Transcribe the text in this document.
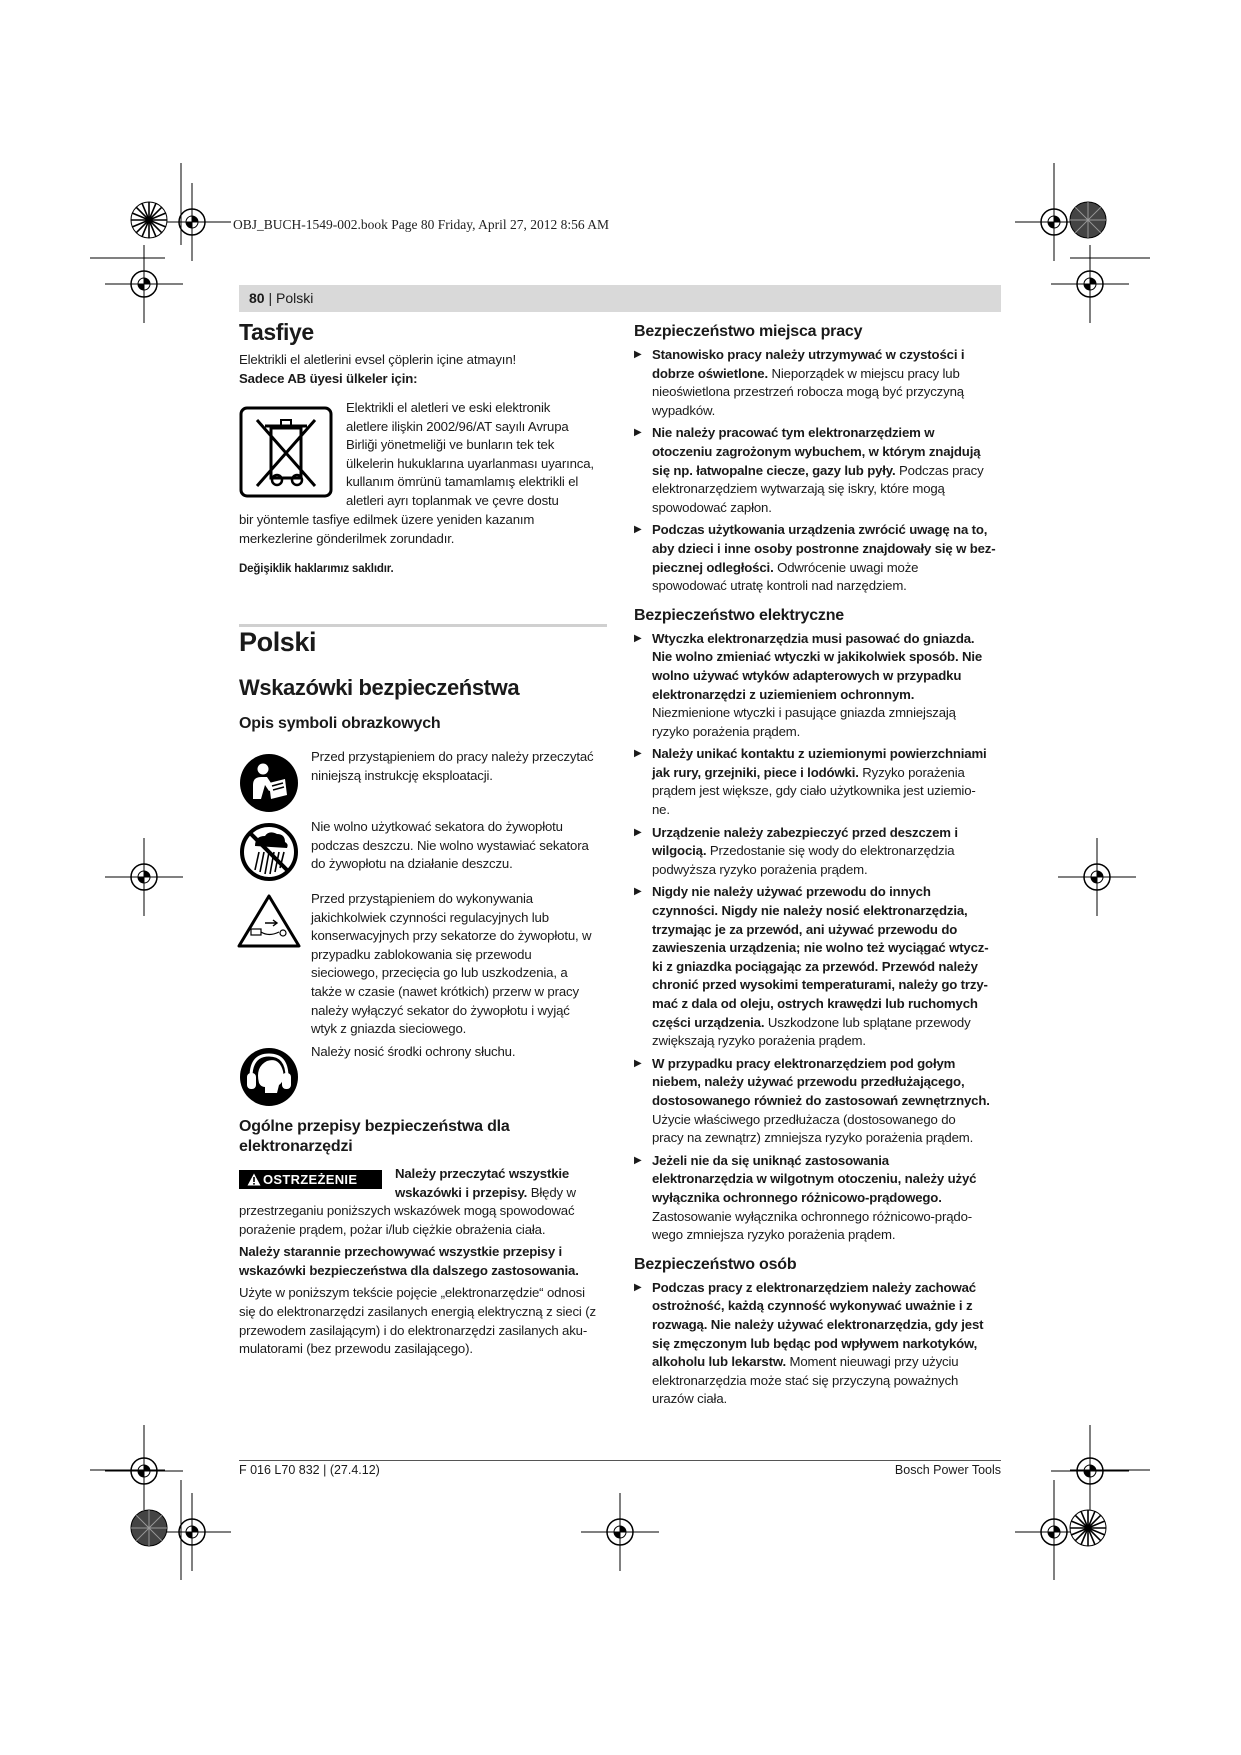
OBJ_BUCH-1549-002.book Page 80 Friday, April 27, 2012 8:56 AM
80 | Polski
Tasfiye

Elektrikli el aletlerini evsel çöplerin içine atmayın!

Sadece AB üyesi ülkeler için:

Elektrikli el aletleri ve eski elektronik

aletlere ilişkin 2002/96/AT sayılı Avrupa

Birliği yönetmeliği ve bunların tek tek

ülkelerin hukuklarına uyarlanması uyarınca,

kullanım ömrünü tamamlamış elektrikli el

aletleri ayrı toplanmak ve çevre dostu

bir yöntemle tasfiye edilmek üzere yeniden kazanım

merkezlerine gönderilmek zorundadır.

Değişiklik haklarımız saklıdır.

Polski
Wskazówki bezpieczeństwa
Opis symboli obrazkowych

Przed przystąpieniem do pracy należy przeczytać

niniejszą instrukcję eksploatacji.

Nie wolno użytkować sekatora do żywopłotu

podczas deszczu. Nie wolno wystawiać sekatora

do żywopłotu na działanie deszczu.

Przed przystąpieniem do wykonywania

jakichkolwiek czynności regulacyjnych lub

konserwacyjnych przy sekatorze do żywopłotu, w

przypadku zablokowania się przewodu

sieciowego, przecięcia go lub uszkodzenia, a

także w czasie (nawet krótkich) przerw w pracy

należy wyłączyć sekator do żywopłotu i wyjąć

wtyk z gniazda sieciowego.

Należy nosić środki ochrony słuchu.

Ogólne przepisy bezpieczeństwa dla
elektronarzędzi
OSTRZEŻENIE	Należy przeczytać wszystkie

wskazówki i przepisy. Błędy w

przestrzeganiu poniższych wskazówek mogą spowodować

porażenie prądem, pożar i/lub ciężkie obrażenia ciała.

Należy starannie przechowywać wszystkie przepisy i

wskazówki bezpieczeństwa dla dalszego zastosowania.

Użyte w poniższym tekście pojęcie „elektronarzędzie“ odnosi

się do elektronarzędzi zasilanych energią elektryczną z sieci (z

przewodem zasilającym) i do elektronarzędzi zasilanych aku-

mulatorami (bez przewodu zasilającego).

Bezpieczeństwo miejsca pracy

▶ Stanowisko pracy należy utrzymywać w czystości i

dobrze oświetlone. Nieporządek w miejscu pracy lub

nieoświetlona przestrzeń robocza mogą być przyczyną

wypadków.

▶ Nie należy pracować tym elektronarzędziem w

otoczeniu zagrożonym wybuchem, w którym znajdują

się np. łatwopalne ciecze, gazy lub pyły. Podczas pracy

elektronarzędziem wytwarzają się iskry, które mogą

spowodować zapłon.

▶ Podczas użytkowania urządzenia zwrócić uwagę na to,

aby dzieci i inne osoby postronne znajdowały się w bez-

piecznej odległości. Odwrócenie uwagi może

spowodować utratę kontroli nad narzędziem.

Bezpieczeństwo elektryczne

▶ Wtyczka elektronarzędzia musi pasować do gniazda.

Nie wolno zmieniać wtyczki w jakikolwiek sposób. Nie

wolno używać wtyków adapterowych w przypadku

elektronarzędzi z uziemieniem ochronnym.

Niezmienione wtyczki i pasujące gniazda zmniejszają

ryzyko porażenia prądem.

▶ Należy unikać kontaktu z uziemionymi powierzchniami

jak rury, grzejniki, piece i lodówki. Ryzyko porażenia

prądem jest większe, gdy ciało użytkownika jest uziemio-

ne.

▶ Urządzenie należy zabezpieczyć przed deszczem i

wilgocią. Przedostanie się wody do elektronarzędzia

podwyższa ryzyko porażenia prądem.

▶ Nigdy nie należy używać przewodu do innych

czynności. Nigdy nie należy nosić elektronarzędzia,

trzymając je za przewód, ani używać przewodu do

zawieszenia urządzenia; nie wolno też wyciągać wtycz-

ki z gniazdka pociągając za przewód. Przewód należy

chronić przed wysokimi temperaturami, należy go trzy-

mać z dala od oleju, ostrych krawędzi lub ruchomych

części urządzenia. Uszkodzone lub splątane przewody

zwiększają ryzyko porażenia prądem.

▶ W przypadku pracy elektronarzędziem pod gołym

niebem, należy używać przewodu przedłużającego,

dostosowanego również do zastosowań zewnętrznych.

Użycie właściwego przedłużacza (dostosowanego do

pracy na zewnątrz) zmniejsza ryzyko porażenia prądem.

▶ Jeżeli nie da się uniknąć zastosowania

elektronarzędzia w wilgotnym otoczeniu, należy użyć

wyłącznika ochronnego różnicowo-prądowego.

Zastosowanie wyłącznika ochronnego różnicowo-prądo-

wego zmniejsza ryzyko porażenia prądem.

Bezpieczeństwo osób

▶ Podczas pracy z elektronarzędziem należy zachować

ostrożność, każdą czynność wykonywać uważnie i z

rozwagą. Nie należy używać elektronarzędzia, gdy jest

się zmęczonym lub będąc pod wpływem narkotyków,

alkoholu lub lekarstw. Moment nieuwagi przy użyciu

elektronarzędzia może stać się przyczyną poważnych

urazów ciała.

F 016 L70 832 | (27.4.12)	Bosch Power Tools
